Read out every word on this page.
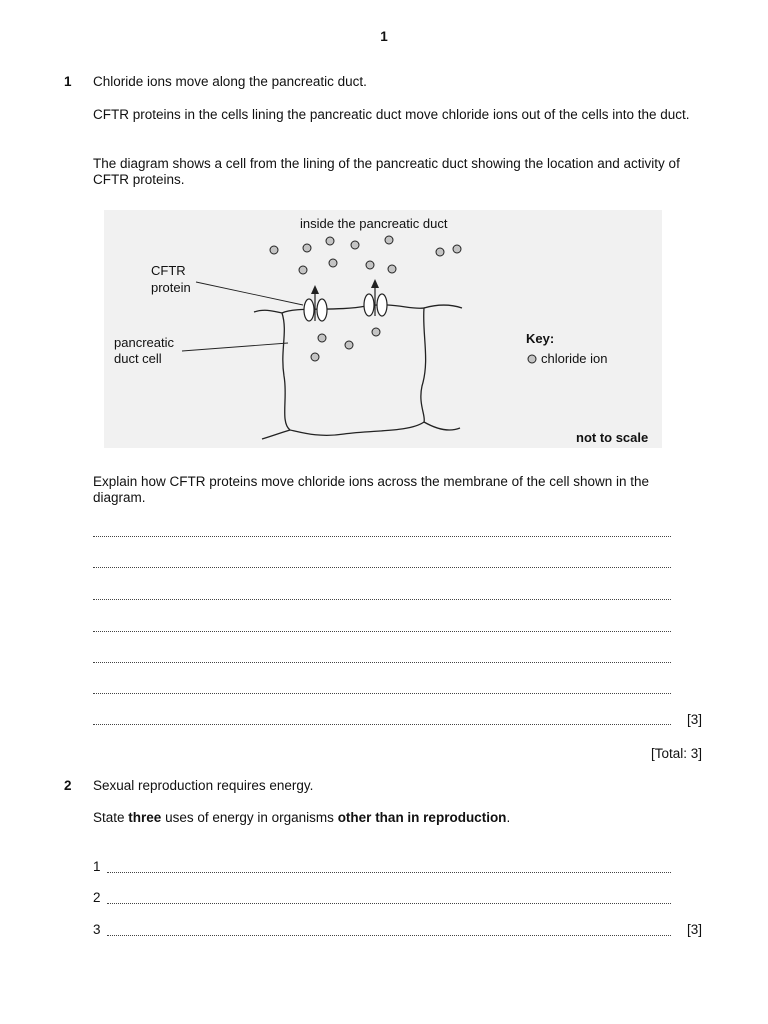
1
1 Chloride ions move along the pancreatic duct.
CFTR proteins in the cells lining the pancreatic duct move chloride ions out of the cells into the duct.
The diagram shows a cell from the lining of the pancreatic duct showing the location and activity of CFTR proteins.
inside the pancreatic duct
CFTR
protein
pancreatic
duct cell
Key:
chloride ion
not to scale
Explain how CFTR proteins move chloride ions across the membrane of the cell shown in the diagram.
[3]
[Total: 3]
2 Sexual reproduction requires energy.
State three uses of energy in organisms other than in reproduction.
1
2
3	[3]
